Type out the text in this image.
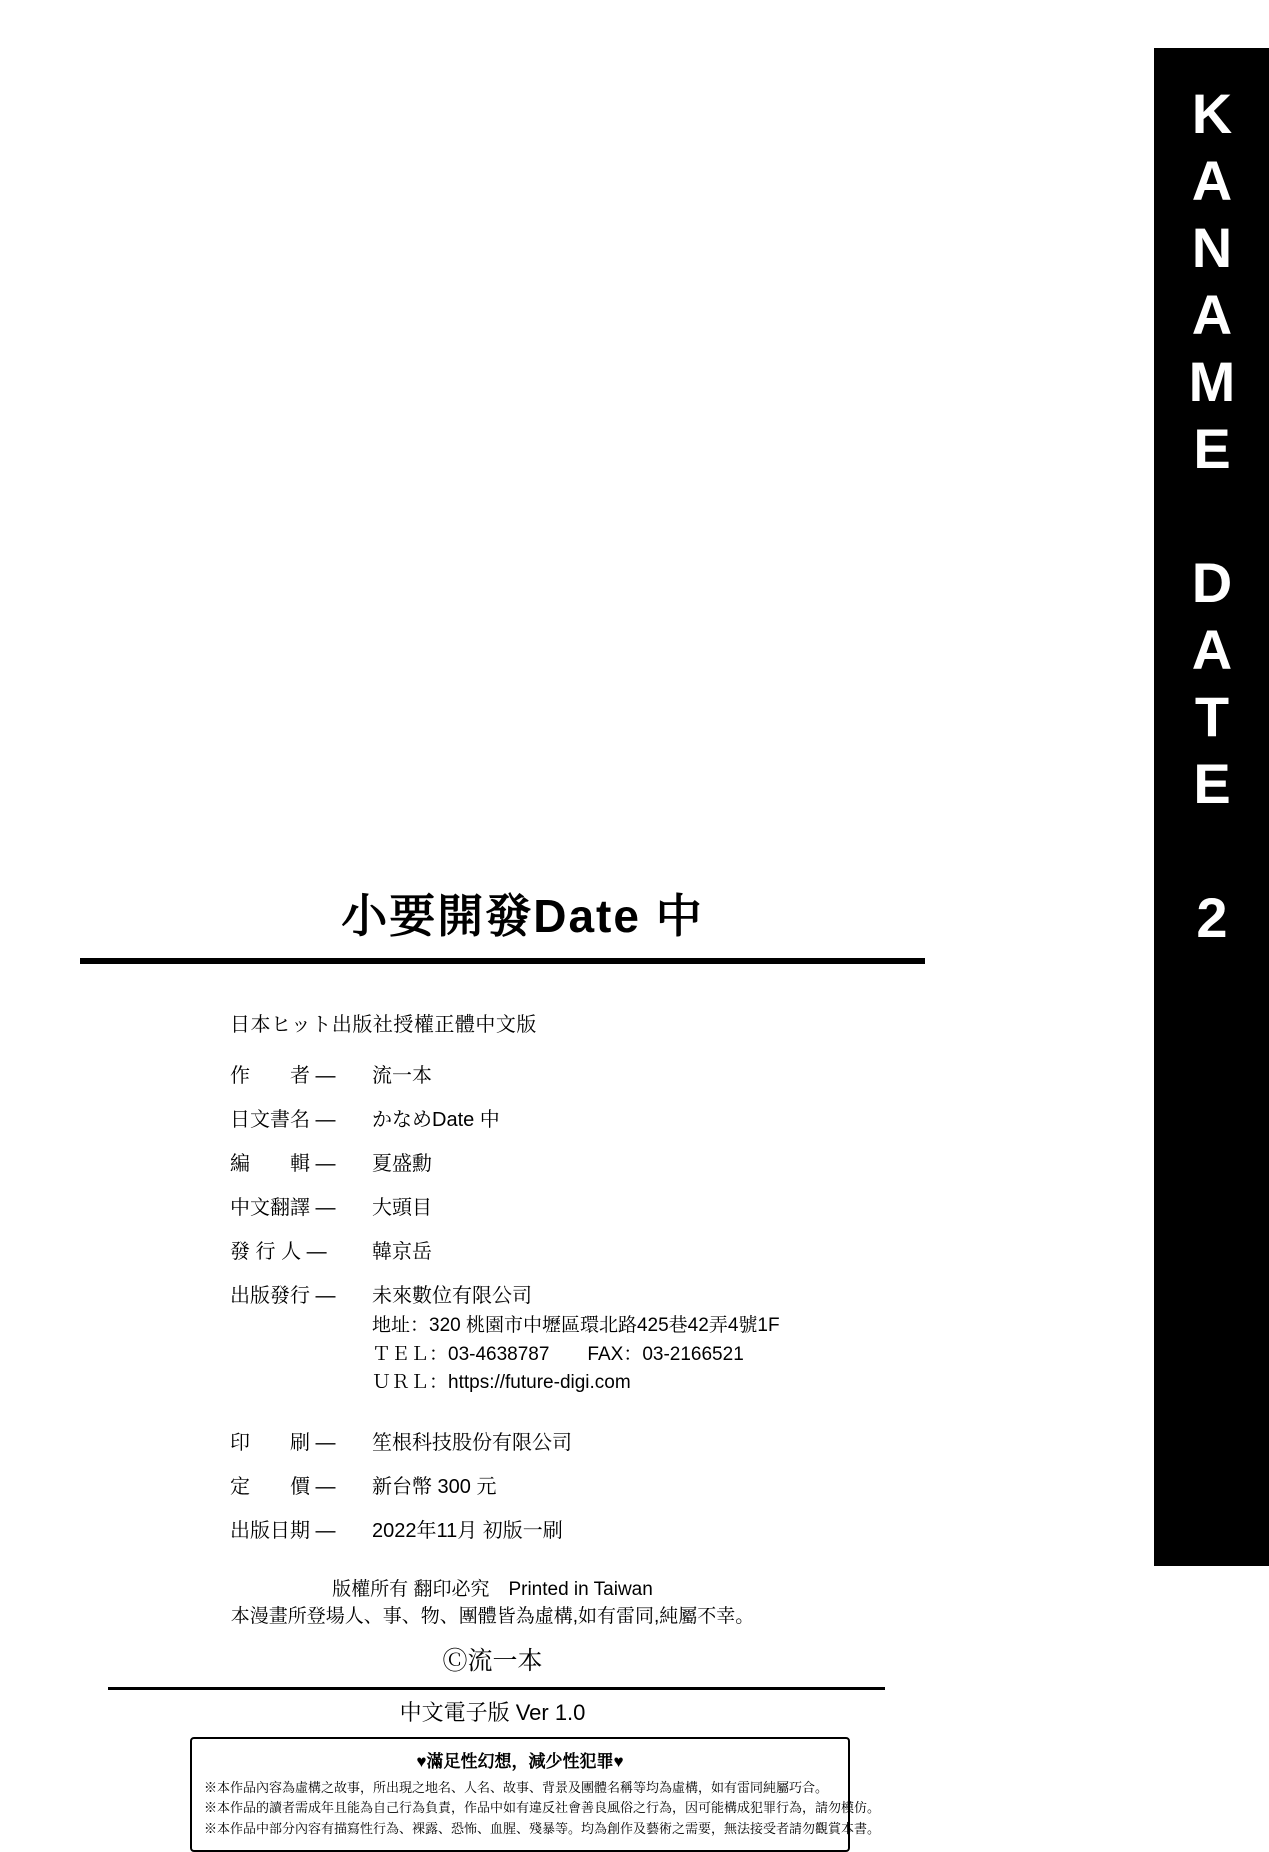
KANAME DATE 2
小要開發Date 中
日本ヒット出版社授權正體中文版
作　　者 —	流一本
日文書名 —	かなめDate 中
編　　輯 —	夏盛勳
中文翻譯 —	大頭目
發 行 人 —	韓京岳
出版發行 —	未來數位有限公司
地址：320 桃園市中壢區環北路425巷42弄4號1F
ＴＥＬ：03-4638787　　FAX：03-2166521
ＵＲＬ：https://future-digi.com

印　　刷 —	笙根科技股份有限公司
定　　價 —	新台幣 300 元
出版日期 —	2022年11月 初版一刷
版權所有 翻印必究　Printed in Taiwan
本漫畫所登場人、事、物、團體皆為虛構,如有雷同,純屬不幸。
Ⓒ流一本
中文電子版 Ver 1.0
♥滿足性幻想，減少性犯罪♥
※本作品內容為虛構之故事，所出現之地名、人名、故事、背景及團體名稱等均為虛構，如有雷同純屬巧合。
※本作品的讀者需成年且能為自己行為負責，作品中如有違反社會善良風俗之行為，因可能構成犯罪行為，請勿模仿。
※本作品中部分內容有描寫性行為、裸露、恐怖、血腥、殘暴等。均為創作及藝術之需要，無法接受者請勿觀賞本書。
